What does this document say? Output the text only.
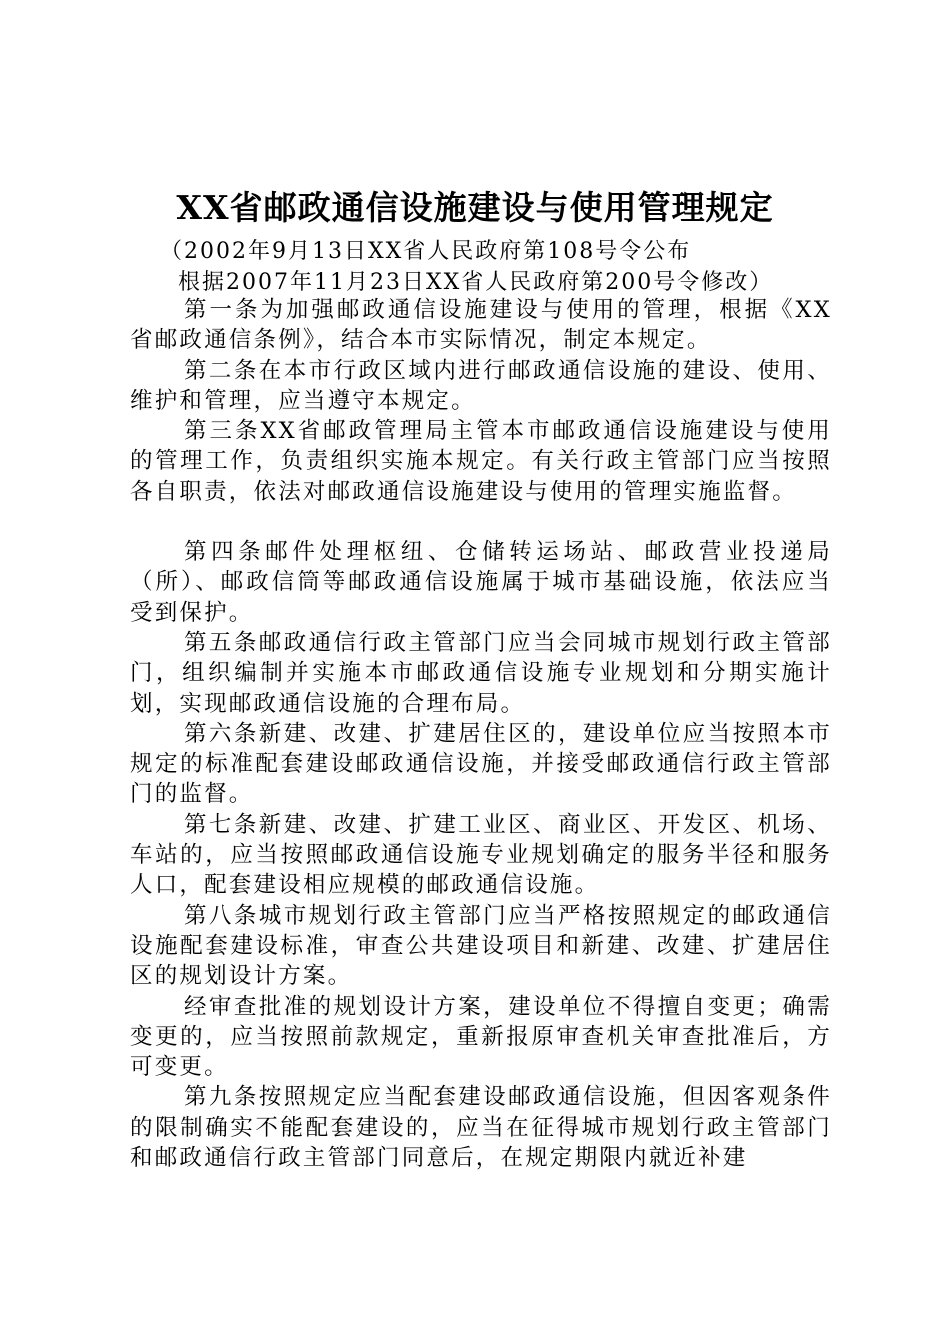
XX省邮政通信设施建设与使用管理规定

（2002年9月13日XX省人民政府第108号令公布

根据2007年11月23日XX省人民政府第200号令修改）

第一条为加强邮政通信设施建设与使用的管理，根据《XX省邮政通信条例》，结合本市实际情况，制定本规定。

第二条在本市行政区域内进行邮政通信设施的建设、使用、维护和管理，应当遵守本规定。

第三条XX省邮政管理局主管本市邮政通信设施建设与使用的管理工作，负责组织实施本规定。有关行政主管部门应当按照各自职责，依法对邮政通信设施建设与使用的管理实施监督。

第四条邮件处理枢纽、仓储转运场站、邮政营业投递局（所）、邮政信筒等邮政通信设施属于城市基础设施，依法应当受到保护。

第五条邮政通信行政主管部门应当会同城市规划行政主管部门，组织编制并实施本市邮政通信设施专业规划和分期实施计划，实现邮政通信设施的合理布局。

第六条新建、改建、扩建居住区的，建设单位应当按照本市规定的标准配套建设邮政通信设施，并接受邮政通信行政主管部门的监督。

第七条新建、改建、扩建工业区、商业区、开发区、机场、车站的，应当按照邮政通信设施专业规划确定的服务半径和服务人口，配套建设相应规模的邮政通信设施。

第八条城市规划行政主管部门应当严格按照规定的邮政通信设施配套建设标准，审查公共建设项目和新建、改建、扩建居住区的规划设计方案。

经审查批准的规划设计方案，建设单位不得擅自变更；确需变更的，应当按照前款规定，重新报原审查机关审查批准后，方可变更。

第九条按照规定应当配套建设邮政通信设施，但因客观条件的限制确实不能配套建设的，应当在征得城市规划行政主管部门和邮政通信行政主管部门同意后，在规定期限内就近补建
